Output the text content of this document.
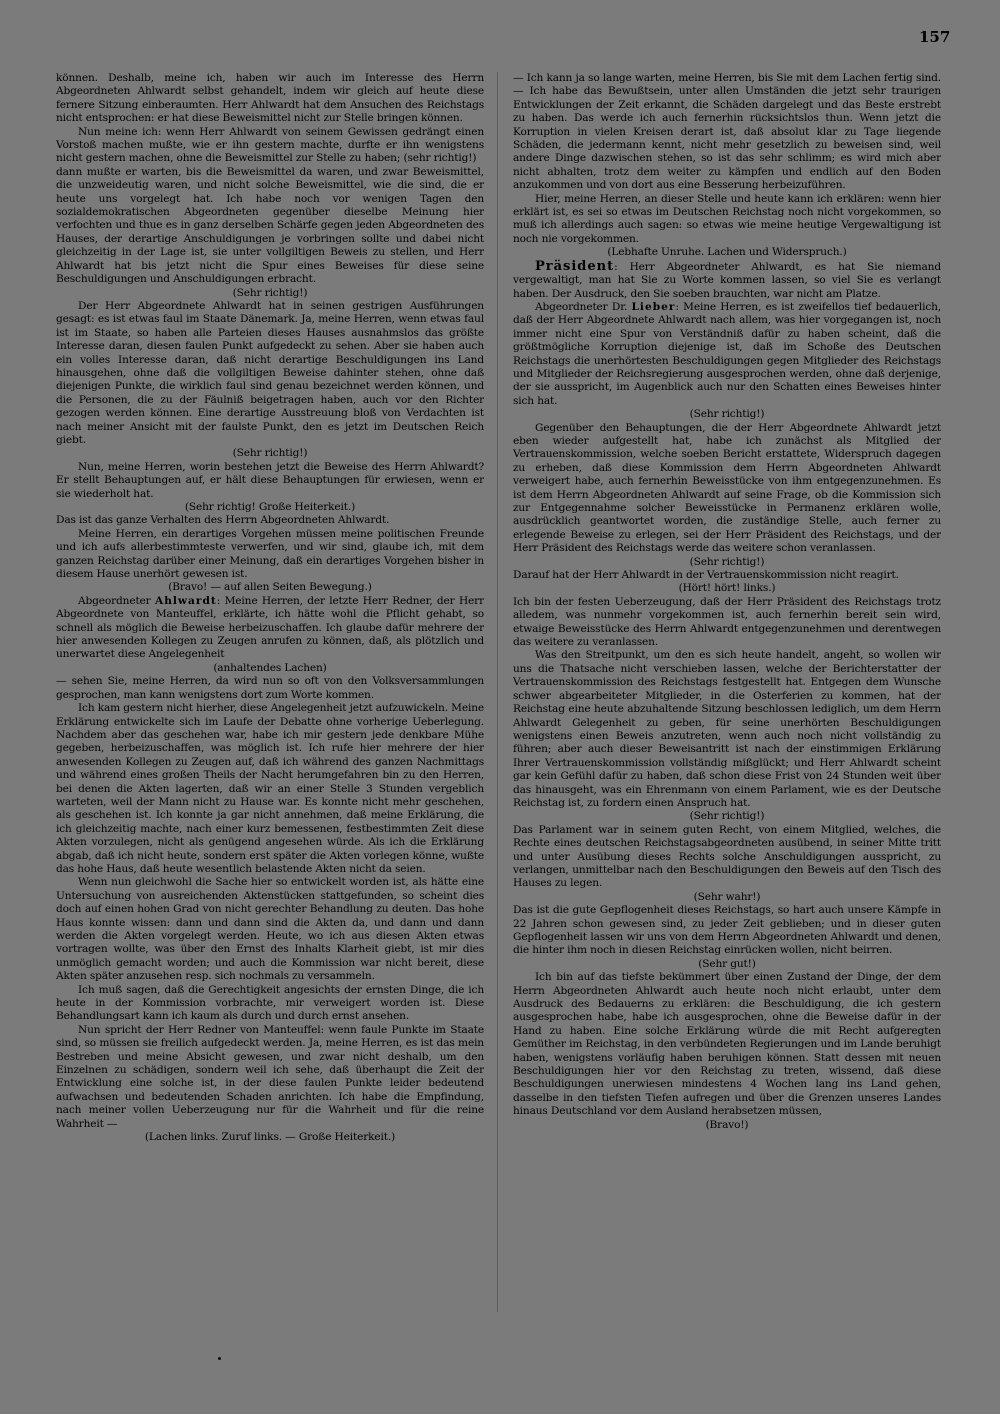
157

können. Deshalb, meine ich, haben wir auch im Interesse des Herrn Abgeordneten Ahlwardt selbst gehandelt, indem wir gleich auf heute diese fernere Sitzung einberaumten. Herr Ahlwardt hat dem Ansuchen des Reichstags nicht entsprochen: er hat diese Beweismittel nicht zur Stelle bringen können.

Nun meine ich: wenn Herr Ahlwardt von seinem Gewissen gedrängt einen Vorstoß machen mußte, wie er ihn gestern machte, durfte er ihn wenigstens nicht gestern machen, ohne die Beweismittel zur Stelle zu haben; (sehr richtig!)

dann mußte er warten, bis die Beweismittel da waren, und zwar Beweismittel, die unzweideutig waren, und nicht solche Beweismittel, wie die sind, die er heute uns vorgelegt hat. Ich habe noch vor wenigen Tagen den sozialdemokratischen Abgeordneten gegenüber dieselbe Meinung hier verfochten und thue es in ganz derselben Schärfe gegen jeden Abgeordneten des Hauses, der derartige Anschuldigungen je vorbringen sollte und dabei nicht gleichzeitig in der Lage ist, sie unter vollgiltigen Beweis zu stellen, und Herr Ahlwardt hat bis jetzt nicht die Spur eines Beweises für diese seine Beschuldigungen und Anschuldigungen erbracht.

(Sehr richtig!)

Der Herr Abgeordnete Ahlwardt hat in seinen gestrigen Ausführungen gesagt: es ist etwas faul im Staate Dänemark. Ja, meine Herren, wenn etwas faul ist im Staate, so haben alle Parteien dieses Hauses ausnahmslos das größte Interesse daran, diesen faulen Punkt aufgedeckt zu sehen. Aber sie haben auch ein volles Interesse daran, daß nicht derartige Beschuldigungen ins Land hinausgehen, ohne daß die vollgiltigen Beweise dahinter stehen, ohne daß diejenigen Punkte, die wirklich faul sind genau bezeichnet werden können, und die Personen, die zu der Fäulniß beigetragen haben, auch vor den Richter gezogen werden können. Eine derartige Ausstreuung bloß von Verdachten ist nach meiner Ansicht mit der faulste Punkt, den es jetzt im Deutschen Reich giebt.

(Sehr richtig!)

Nun, meine Herren, worin bestehen jetzt die Beweise des Herrn Ahlwardt? Er stellt Behauptungen auf, er hält diese Behauptungen für erwiesen, wenn er sie wiederholt hat.

(Sehr richtig! Große Heiterkeit.)

Das ist das ganze Verhalten des Herrn Abgeordneten Ahlwardt.

Meine Herren, ein derartiges Vorgehen müssen meine politischen Freunde und ich aufs allerbestimmteste verwerfen, und wir sind, glaube ich, mit dem ganzen Reichstag darüber einer Meinung, daß ein derartiges Vorgehen bisher in diesem Hause unerhört gewesen ist.

(Bravo! — auf allen Seiten Bewegung.)

Abgeordneter Ahlwardt: Meine Herren, der letzte Herr Redner, der Herr Abgeordnete von Manteuffel, erklärte, ich hätte wohl die Pflicht gehabt, so schnell als möglich die Beweise herbeizuschaffen. Ich glaube dafür mehrere der hier anwesenden Kollegen zu Zeugen anrufen zu können, daß, als plötzlich und unerwartet diese Angelegenheit

(anhaltendes Lachen)

— sehen Sie, meine Herren, da wird nun so oft von den Volksversammlungen gesprochen, man kann wenigstens dort zum Worte kommen.

Ich kam gestern nicht hierher, diese Angelegenheit jetzt aufzuwickeln. Meine Erklärung entwickelte sich im Laufe der Debatte ohne vorherige Ueberlegung. Nachdem aber das geschehen war, habe ich mir gestern jede denkbare Mühe gegeben, herbeizuschaffen, was möglich ist. Ich rufe hier mehrere der hier anwesenden Kollegen zu Zeugen auf, daß ich während des ganzen Nachmittags und während eines großen Theils der Nacht herumgefahren bin zu den Herren, bei denen die Akten lagerten, daß wir an einer Stelle 3 Stunden vergeblich warteten, weil der Mann nicht zu Hause war. Es konnte nicht mehr geschehen, als geschehen ist. Ich konnte ja gar nicht annehmen, daß meine Erklärung, die ich gleichzeitig machte, nach einer kurz bemessenen, festbestimmten Zeit diese Akten vorzulegen, nicht als genügend angesehen würde. Als ich die Erklärung abgab, daß ich nicht heute, sondern erst später die Akten vorlegen könne, wußte das hohe Haus, daß heute wesentlich belastende Akten nicht da seien.

Wenn nun gleichwohl die Sache hier so entwickelt worden ist, als hätte eine Untersuchung von ausreichenden Aktenstücken stattgefunden, so scheint dies doch auf einen hohen Grad von nicht gerechter Behandlung zu deuten. Das hohe Haus konnte wissen: dann und dann sind die Akten da, und dann und dann werden die Akten vorgelegt werden. Heute, wo ich aus diesen Akten etwas vortragen wollte, was über den Ernst des Inhalts Klarheit giebt, ist mir dies unmöglich gemacht worden; und auch die Kommission war nicht bereit, diese Akten später anzusehen resp. sich nochmals zu versammeln.

Ich muß sagen, daß die Gerechtigkeit angesichts der ernsten Dinge, die ich heute in der Kommission vorbrachte, mir verweigert worden ist. Diese Behandlungsart kann ich kaum als durch und durch ernst ansehen.

Nun spricht der Herr Redner von Manteuffel: wenn faule Punkte im Staate sind, so müssen sie freilich aufgedeckt werden. Ja, meine Herren, es ist das mein Bestreben und meine Absicht gewesen, und zwar nicht deshalb, um den Einzelnen zu schädigen, sondern weil ich sehe, daß überhaupt die Zeit der Entwicklung eine solche ist, in der diese faulen Punkte leider bedeutend aufwachsen und bedeutenden Schaden anrichten. Ich habe die Empfindung, nach meiner vollen Ueberzeugung nur für die Wahrheit und für die reine Wahrheit —

(Lachen links. Zuruf links. — Große Heiterkeit.)

— Ich kann ja so lange warten, meine Herren, bis Sie mit dem Lachen fertig sind. — Ich habe das Bewußtsein, unter allen Umständen die jetzt sehr traurigen Entwicklungen der Zeit erkannt, die Schäden dargelegt und das Beste erstrebt zu haben. Das werde ich auch fernerhin rücksichtslos thun. Wenn jetzt die Korruption in vielen Kreisen derart ist, daß absolut klar zu Tage liegende Schäden, die jedermann kennt, nicht mehr gesetzlich zu beweisen sind, weil andere Dinge dazwischen stehen, so ist das sehr schlimm; es wird mich aber nicht abhalten, trotz dem weiter zu kämpfen und endlich auf den Boden anzukommen und von dort aus eine Besserung herbeizuführen.

Hier, meine Herren, an dieser Stelle und heute kann ich erklären: wenn hier erklärt ist, es sei so etwas im Deutschen Reichstag noch nicht vorgekommen, so muß ich allerdings auch sagen: so etwas wie meine heutige Vergewaltigung ist noch nie vorgekommen.

(Lebhafte Unruhe. Lachen und Widerspruch.)

Präsident: Herr Abgeordneter Ahlwardt, es hat Sie niemand vergewaltigt, man hat Sie zu Worte kommen lassen, so viel Sie es verlangt haben. Der Ausdruck, den Sie soeben brauchten, war nicht am Platze.

Abgeordneter Dr. Lieber: Meine Herren, es ist zweifellos tief bedauerlich, daß der Herr Abgeordnete Ahlwardt nach allem, was hier vorgegangen ist, noch immer nicht eine Spur von Verständniß dafür zu haben scheint, daß die größtmögliche Korruption diejenige ist, daß im Schoße des Deutschen Reichstags die unerhörtesten Beschuldigungen gegen Mitglieder des Reichstags und Mitglieder der Reichsregierung ausgesprochen werden, ohne daß derjenige, der sie ausspricht, im Augenblick auch nur den Schatten eines Beweises hinter sich hat.

(Sehr richtig!)

Gegenüber den Behauptungen, die der Herr Abgeordnete Ahlwardt jetzt eben wieder aufgestellt hat, habe ich zunächst als Mitglied der Vertrauenskommission, welche soeben Bericht erstattete, Widerspruch dagegen zu erheben, daß diese Kommission dem Herrn Abgeordneten Ahlwardt verweigert habe, auch fernerhin Beweisstücke von ihm entgegenzunehmen. Es ist dem Herrn Abgeordneten Ahlwardt auf seine Frage, ob die Kommission sich zur Entgegennahme solcher Beweisstücke in Permanenz erklären wolle, ausdrücklich geantwortet worden, die zuständige Stelle, auch ferner zu erlegende Beweise zu erlegen, sei der Herr Präsident des Reichstags, und der Herr Präsident des Reichstags werde das weitere schon veranlassen.

(Sehr richtig!)

Darauf hat der Herr Ahlwardt in der Vertrauenskommission nicht reagirt.

(Hört! hört! links.)

Ich bin der festen Ueberzeugung, daß der Herr Präsident des Reichstags trotz alledem, was nunmehr vorgekommen ist, auch fernerhin bereit sein wird, etwaige Beweisstücke des Herrn Ahlwardt entgegenzunehmen und derentwegen das weitere zu veranlassen.

Was den Streitpunkt, um den es sich heute handelt, angeht, so wollen wir uns die Thatsache nicht verschieben lassen, welche der Berichterstatter der Vertrauenskommission des Reichstags festgestellt hat. Entgegen dem Wunsche schwer abgearbeiteter Mitglieder, in die Osterferien zu kommen, hat der Reichstag eine heute abzuhaltende Sitzung beschlossen lediglich, um dem Herrn Ahlwardt Gelegenheit zu geben, für seine unerhörten Beschuldigungen wenigstens einen Beweis anzutreten, wenn auch noch nicht vollständig zu führen; aber auch dieser Beweisantritt ist nach der einstimmigen Erklärung Ihrer Vertrauenskommission vollständig mißglückt; und Herr Ahlwardt scheint gar kein Gefühl dafür zu haben, daß schon diese Frist von 24 Stunden weit über das hinausgeht, was ein Ehrenmann von einem Parlament, wie es der Deutsche Reichstag ist, zu fordern einen Anspruch hat.

(Sehr richtig!)

Das Parlament war in seinem guten Recht, von einem Mitglied, welches, die Rechte eines deutschen Reichstagsabgeordneten ausübend, in seiner Mitte tritt und unter Ausübung dieses Rechts solche Anschuldigungen ausspricht, zu verlangen, unmittelbar nach den Beschuldigungen den Beweis auf den Tisch des Hauses zu legen.

(Sehr wahr!)

Das ist die gute Gepflogenheit dieses Reichstags, so hart auch unsere Kämpfe in 22 Jahren schon gewesen sind, zu jeder Zeit geblieben; und in dieser guten Gepflogenheit lassen wir uns von dem Herrn Abgeordneten Ahlwardt und denen, die hinter ihm noch in diesen Reichstag einrücken wollen, nicht beirren.

(Sehr gut!)

Ich bin auf das tiefste bekümmert über einen Zustand der Dinge, der dem Herrn Abgeordneten Ahlwardt auch heute noch nicht erlaubt, unter dem Ausdruck des Bedauerns zu erklären: die Beschuldigung, die ich gestern ausgesprochen habe, habe ich ausgesprochen, ohne die Beweise dafür in der Hand zu haben. Eine solche Erklärung würde die mit Recht aufgeregten Gemüther im Reichstag, in den verbündeten Regierungen und im Lande beruhigt haben, wenigstens vorläufig haben beruhigen können. Statt dessen mit neuen Beschuldigungen hier vor den Reichstag zu treten, wissend, daß diese Beschuldigungen unerwiesen mindestens 4 Wochen lang ins Land gehen, dasselbe in den tiefsten Tiefen aufregen und über die Grenzen unseres Landes hinaus Deutschland vor dem Ausland herabsetzen müssen,

(Bravo!)
